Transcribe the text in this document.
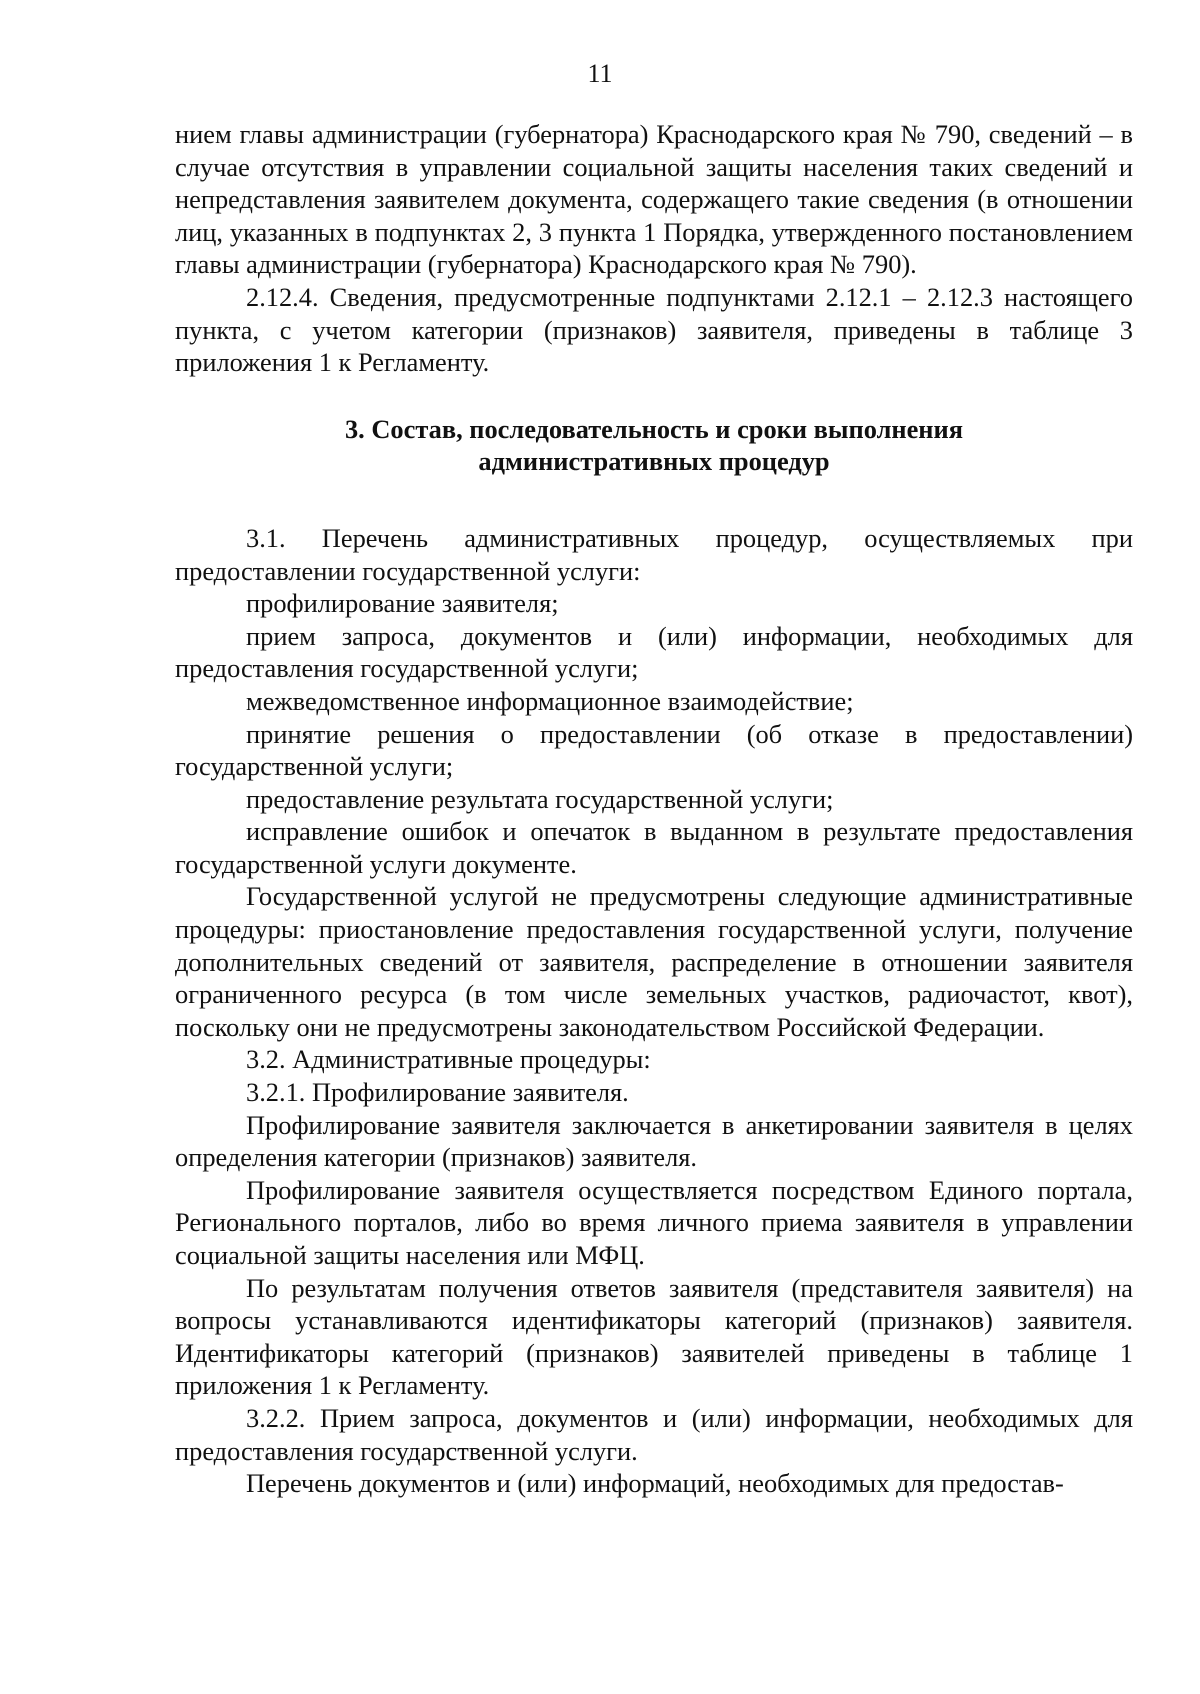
11

нием главы администрации (губернатора) Краснодарского края № 790, сведений – в случае отсутствия в управлении социальной защиты населения таких сведений и непредставления заявителем документа, содержащего такие сведения (в отношении лиц, указанных в подпунктах 2, 3 пункта 1 Порядка, утвержденного постановлением главы администрации (губернатора) Краснодарского края № 790).

2.12.4. Сведения, предусмотренные подпунктами 2.12.1 – 2.12.3 настоящего пункта, с учетом категории (признаков) заявителя, приведены в таблице 3 приложения 1 к Регламенту.

3. Состав, последовательность и сроки выполнения
административных процедур

3.1. Перечень административных процедур, осуществляемых при предоставлении государственной услуги:

профилирование заявителя;

прием запроса, документов и (или) информации, необходимых для предоставления государственной услуги;

межведомственное информационное взаимодействие;

принятие решения о предоставлении (об отказе в предоставлении) государственной услуги;

предоставление результата государственной услуги;

исправление ошибок и опечаток в выданном в результате предоставления государственной услуги документе.

Государственной услугой не предусмотрены следующие административные процедуры: приостановление предоставления государственной услуги, получение дополнительных сведений от заявителя, распределение в отношении заявителя ограниченного ресурса (в том числе земельных участков, радиочастот, квот), поскольку они не предусмотрены законодательством Российской Федерации.

3.2. Административные процедуры:

3.2.1. Профилирование заявителя.

Профилирование заявителя заключается в анкетировании заявителя в целях определения категории (признаков) заявителя.

Профилирование заявителя осуществляется посредством Единого портала, Регионального порталов, либо во время личного приема заявителя в управлении социальной защиты населения или МФЦ.

По результатам получения ответов заявителя (представителя заявителя) на вопросы устанавливаются идентификаторы категорий (признаков) заявителя. Идентификаторы категорий (признаков) заявителей приведены в таблице 1 приложения 1 к Регламенту.

3.2.2. Прием запроса, документов и (или) информации, необходимых для предоставления государственной услуги.

Перечень документов и (или) информаций, необходимых для предостав-
